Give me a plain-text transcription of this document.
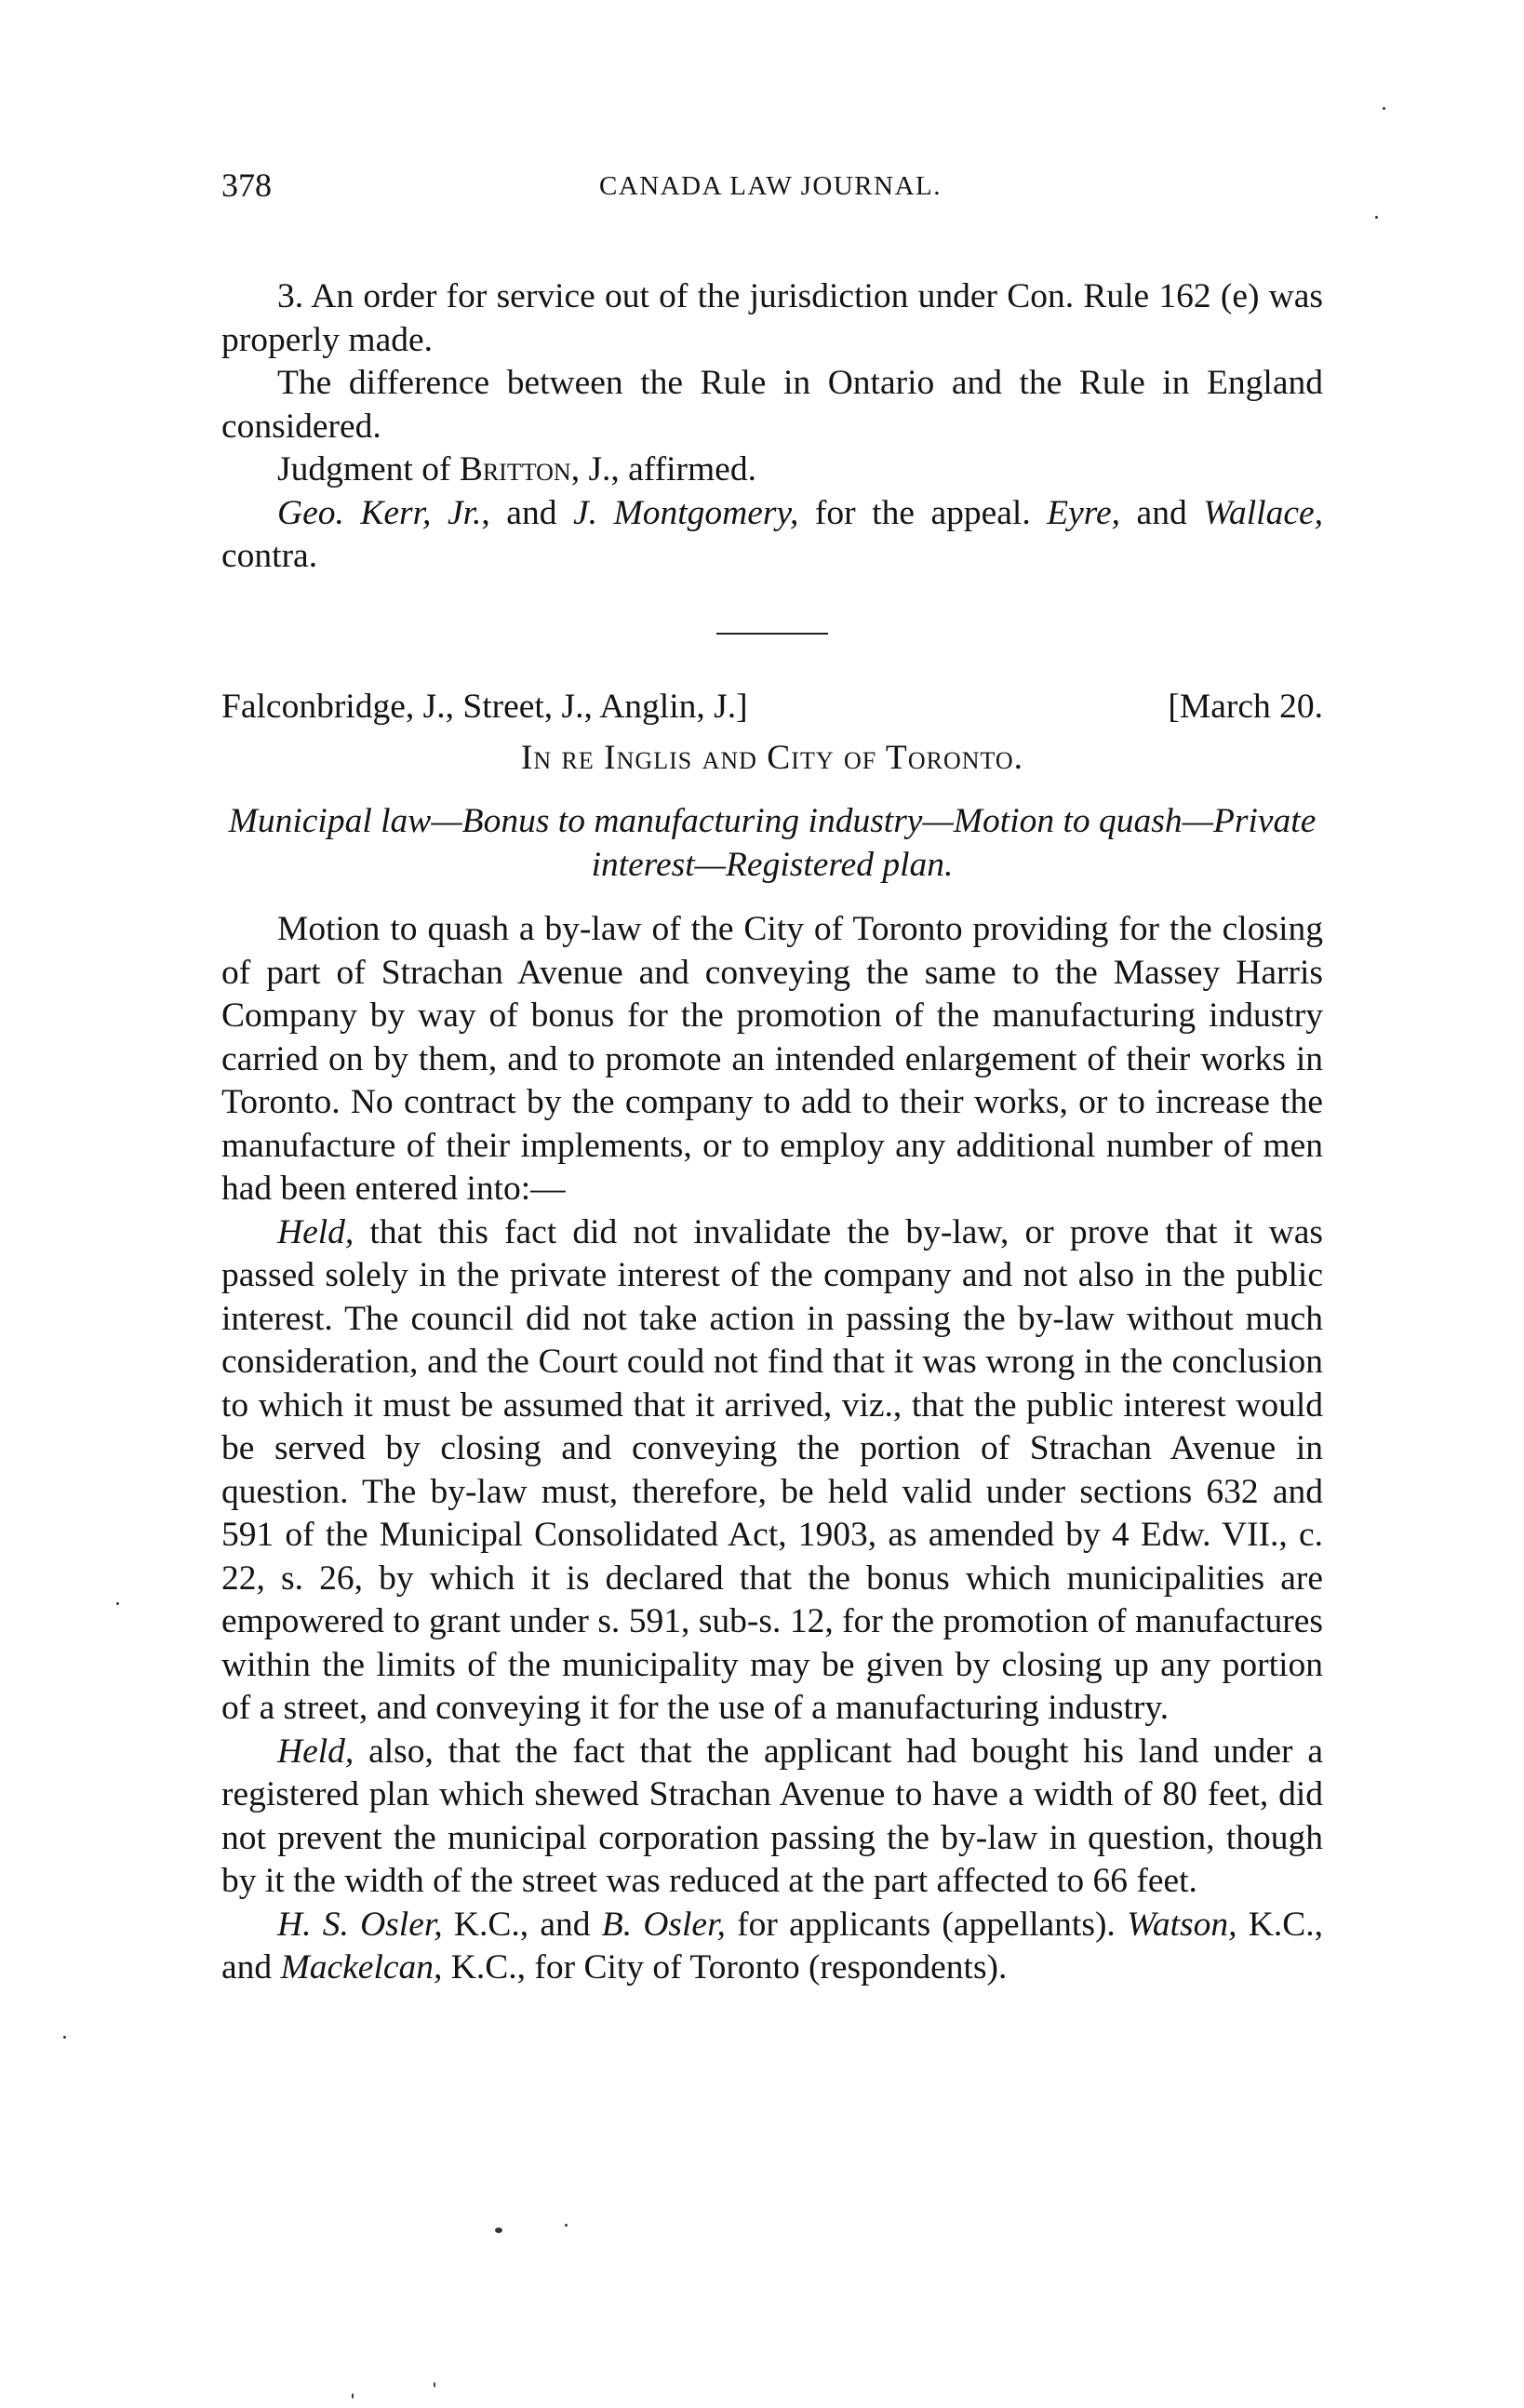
378	CANADA LAW JOURNAL.

3. An order for service out of the jurisdiction under Con. Rule 162 (e) was properly made.

The difference between the Rule in Ontario and the Rule in England considered.

Judgment of Britton, J., affirmed.

Geo. Kerr, Jr., and J. Montgomery, for the appeal. Eyre, and Wallace, contra.

Falconbridge, J., Street, J., Anglin, J.]	[March 20.
In re Inglis and City of Toronto.
Municipal law—Bonus to manufacturing industry—Motion to quash—Private interest—Registered plan.

Motion to quash a by-law of the City of Toronto providing for the closing of part of Strachan Avenue and conveying the same to the Massey Harris Company by way of bonus for the promotion of the manufacturing industry carried on by them, and to promote an intended enlargement of their works in Toronto. No contract by the company to add to their works, or to increase the manufacture of their implements, or to employ any additional number of men had been entered into:—

Held, that this fact did not invalidate the by-law, or prove that it was passed solely in the private interest of the company and not also in the public interest. The council did not take action in passing the by-law without much consideration, and the Court could not find that it was wrong in the conclusion to which it must be assumed that it arrived, viz., that the public interest would be served by closing and conveying the portion of Strachan Avenue in question. The by-law must, therefore, be held valid under sections 632 and 591 of the Municipal Consolidated Act, 1903, as amended by 4 Edw. VII., c. 22, s. 26, by which it is declared that the bonus which municipalities are empowered to grant under s. 591, sub-s. 12, for the promotion of manufactures within the limits of the municipality may be given by closing up any portion of a street, and conveying it for the use of a manufacturing industry.

Held, also, that the fact that the applicant had bought his land under a registered plan which shewed Strachan Avenue to have a width of 80 feet, did not prevent the municipal corporation passing the by-law in question, though by it the width of the street was reduced at the part affected to 66 feet.

H. S. Osler, K.C., and B. Osler, for applicants (appellants). Watson, K.C., and Mackelcan, K.C., for City of Toronto (respondents).
